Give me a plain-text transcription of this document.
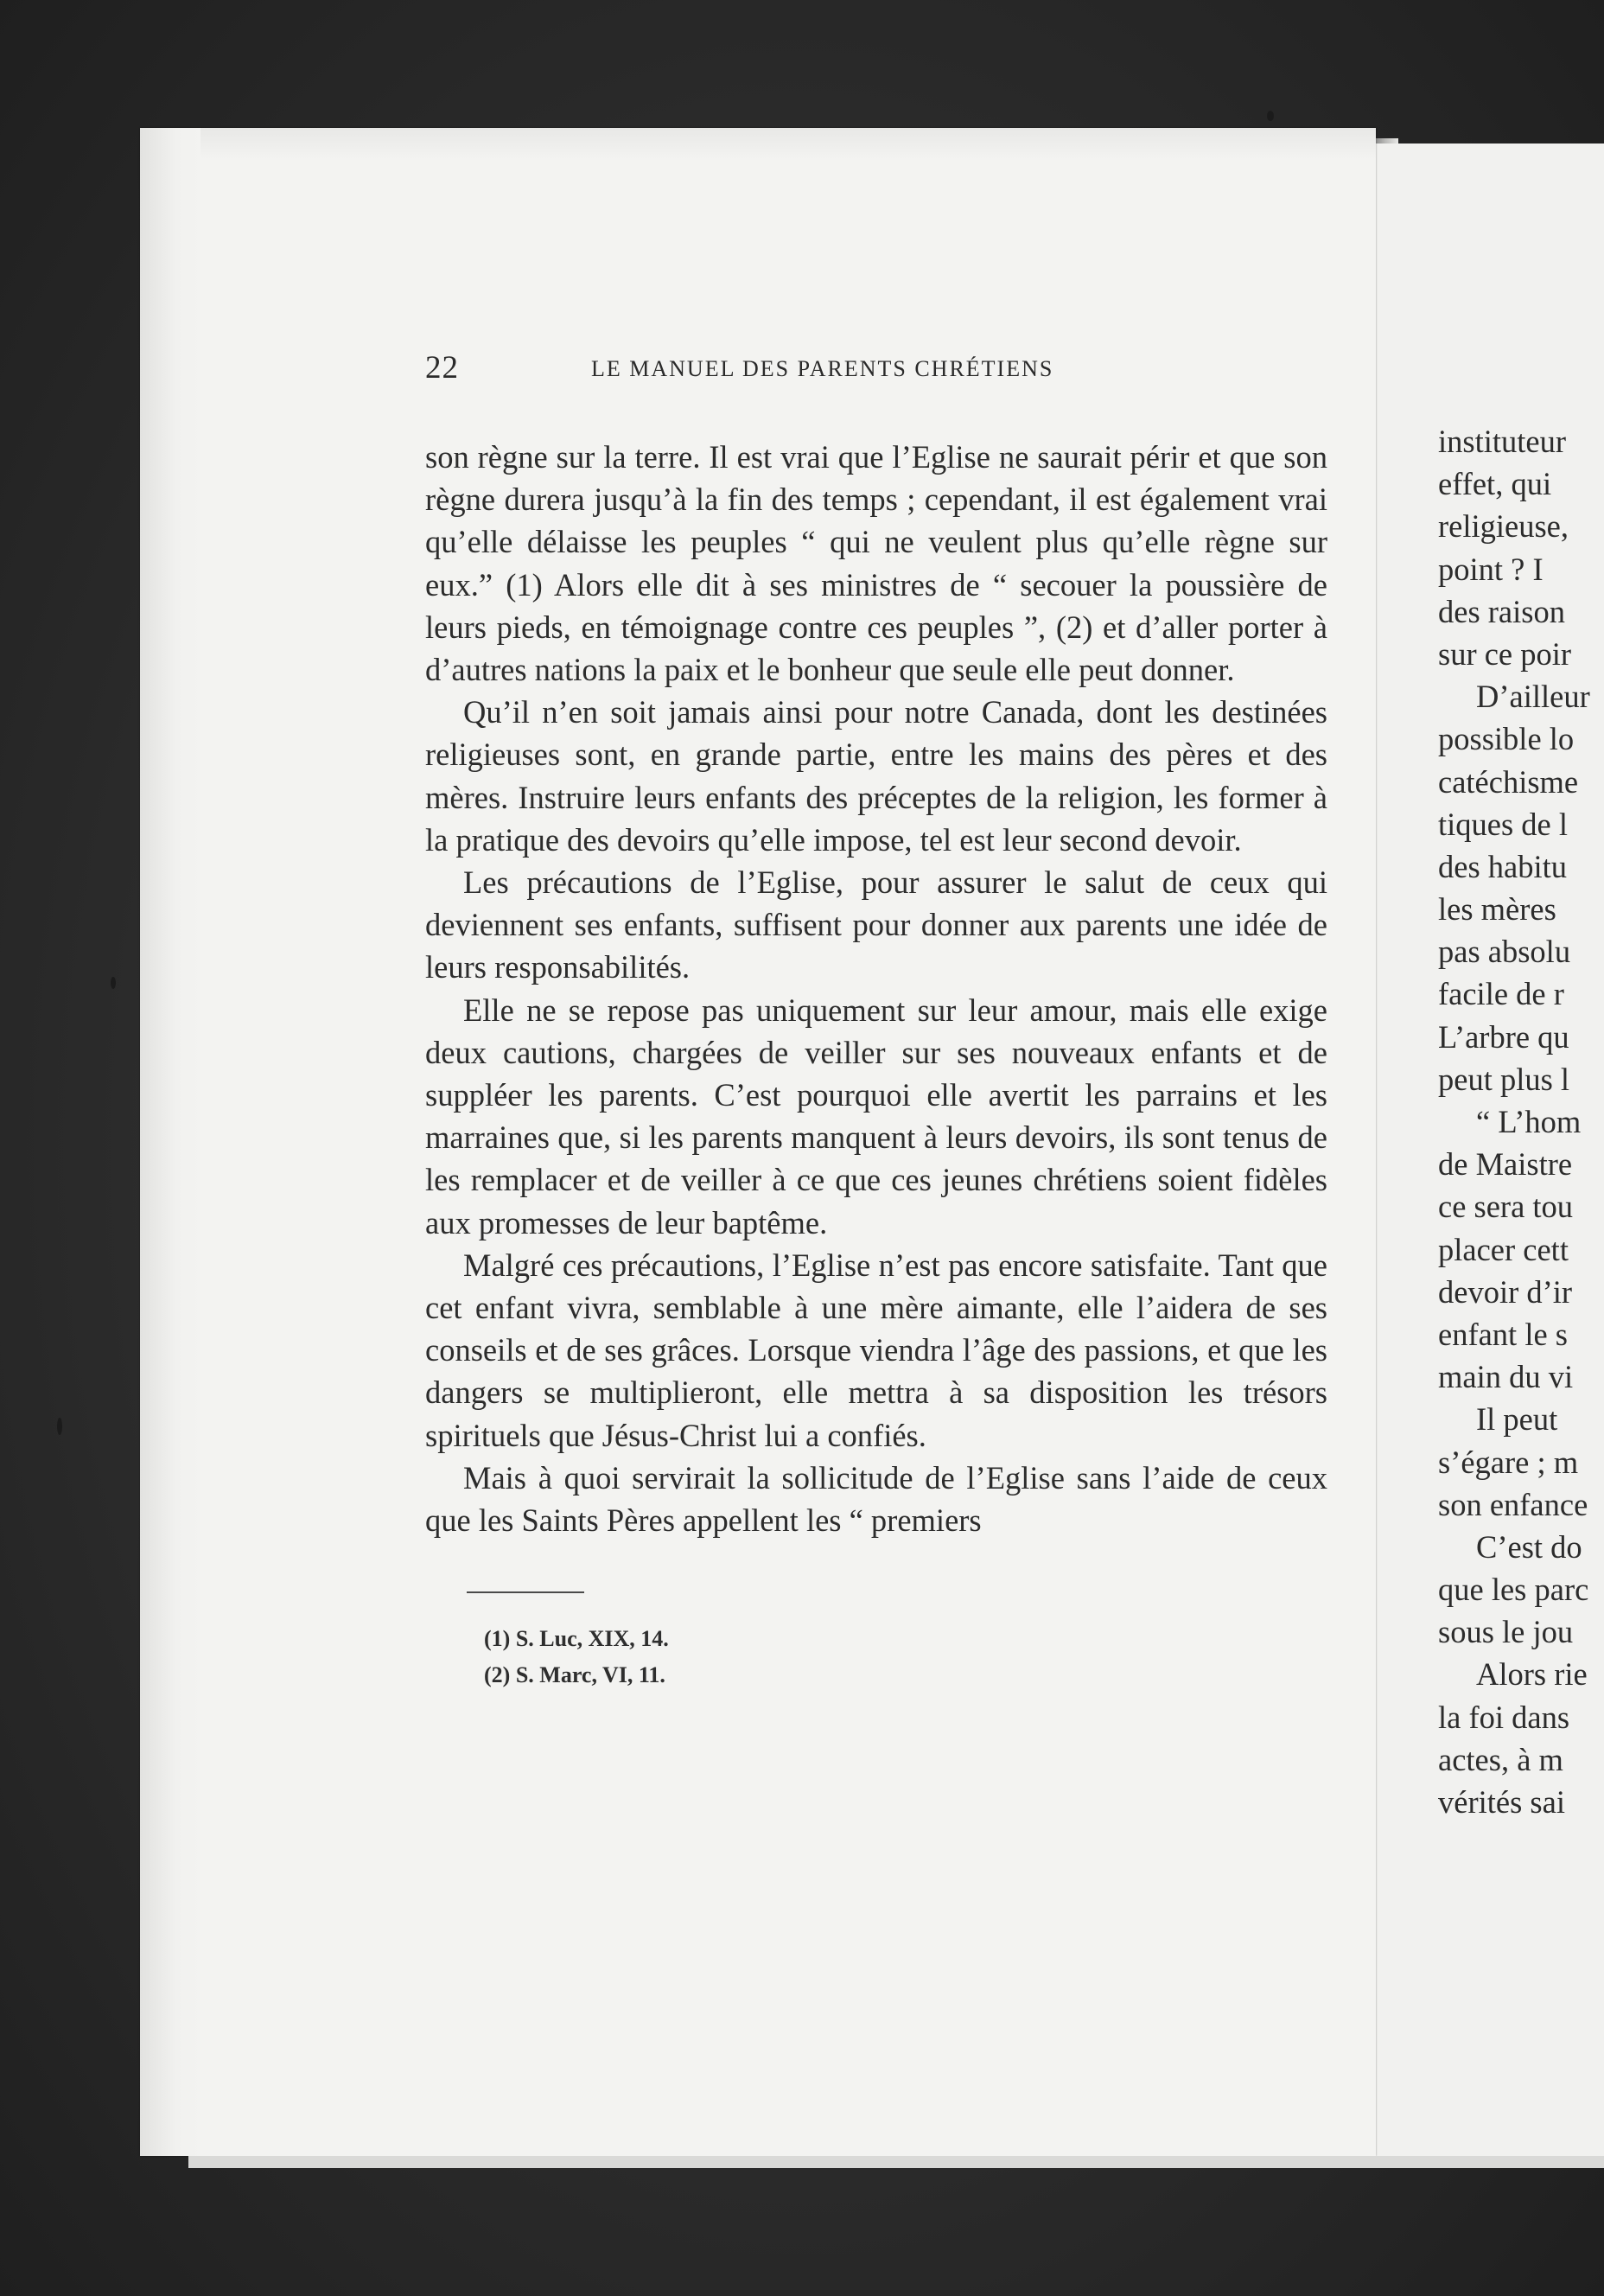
22	LE MANUEL DES PARENTS CHRÉTIENS

son règne sur la terre. Il est vrai que l’Eglise ne saurait périr et que son règne durera jusqu’à la fin des temps ; cependant, il est également vrai qu’elle délaisse les peuples “ qui ne veulent plus qu’elle règne sur eux.” (1) Alors elle dit à ses ministres de “ secouer la poussière de leurs pieds, en témoignage contre ces peuples ”, (2) et d’aller porter à d’autres nations la paix et le bonheur que seule elle peut donner.

Qu’il n’en soit jamais ainsi pour notre Canada, dont les destinées religieuses sont, en grande partie, entre les mains des pères et des mères. Instruire leurs enfants des préceptes de la religion, les former à la pratique des devoirs qu’elle impose, tel est leur second devoir.

Les précautions de l’Eglise, pour assurer le salut de ceux qui deviennent ses enfants, suffisent pour donner aux parents une idée de leurs responsabilités.

Elle ne se repose pas uniquement sur leur amour, mais elle exige deux cautions, chargées de veiller sur ses nouveaux enfants et de suppléer les parents. C’est pourquoi elle avertit les parrains et les marraines que, si les parents manquent à leurs devoirs, ils sont tenus de les remplacer et de veiller à ce que ces jeunes chrétiens soient fidèles aux promesses de leur baptême.

Malgré ces précautions, l’Eglise n’est pas encore satisfaite. Tant que cet enfant vivra, semblable à une mère aimante, elle l’aidera de ses conseils et de ses grâces. Lorsque viendra l’âge des passions, et que les dangers se multiplieront, elle mettra à sa disposition les trésors spirituels que Jésus-Christ lui a confiés.

Mais à quoi servirait la sollicitude de l’Eglise sans l’aide de ceux que les Saints Pères appellent les “ premiers

(1) S. Luc, XIX, 14.
(2) S. Marc, VI, 11.
instituteur
effet, qui
religieuse,
point ? I
des raison
sur ce poir
D’ailleur
possible lo
catéchisme
tiques de l
des habitu
les mères
pas absolu
facile de r
L’arbre qu
peut plus l
“ L’hom
de Maistre
ce sera tou
placer cett
devoir d’ir
enfant le s
main du vi
Il peut
s’égare ; m
son enfance
C’est do
que les parc
sous le jou
Alors rie
la foi dans
actes, à m
vérités sai
